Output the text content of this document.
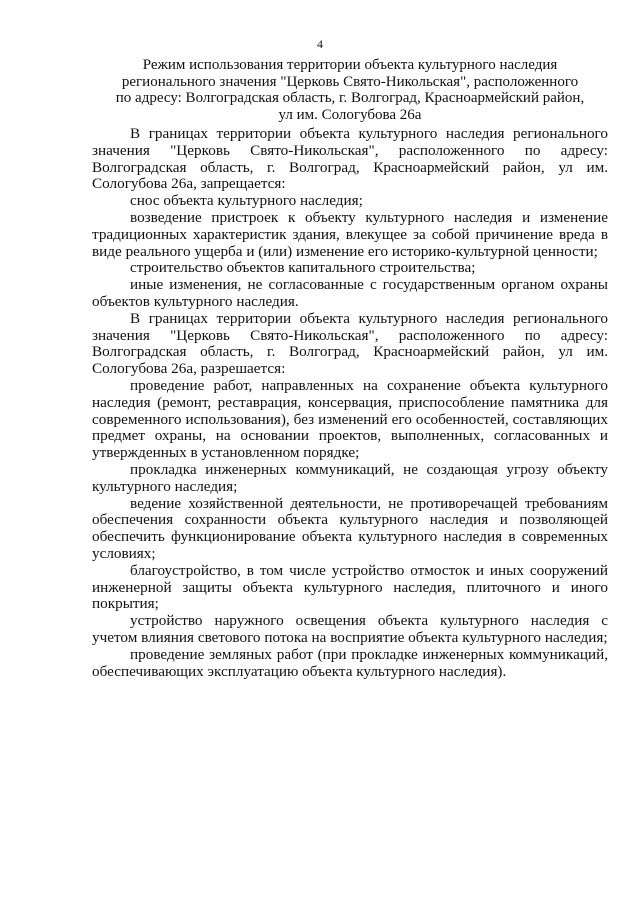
4
Режим использования территории объекта культурного наследия
регионального значения "Церковь Свято-Никольская", расположенного
по адресу: Волгоградская область, г. Волгоград, Красноармейский район,
ул им. Сологубова 26а

В границах территории объекта культурного наследия регионального значения "Церковь Свято-Никольская", расположенного по адресу: Волгоградская область, г. Волгоград, Красноармейский район, ул им. Сологубова 26а, запрещается:

снос объекта культурного наследия;

возведение пристроек к объекту культурного наследия и изменение традиционных характеристик здания, влекущее за собой причинение вреда в виде реального ущерба и (или) изменение его историко-культурной ценности;

строительство объектов капитального строительства;

иные изменения, не согласованные с государственным органом охраны объектов культурного наследия.

В границах территории объекта культурного наследия регионального значения "Церковь Свято-Никольская", расположенного по адресу: Волгоградская область, г. Волгоград, Красноармейский район, ул им. Сологубова 26а, разрешается:

проведение работ, направленных на сохранение объекта культурного наследия (ремонт, реставрация, консервация, приспособление памятника для современного использования), без изменений его особенностей, составляющих предмет охраны, на основании проектов, выполненных, согласованных и утвержденных в установленном порядке;

прокладка инженерных коммуникаций, не создающая угрозу объекту культурного наследия;

ведение хозяйственной деятельности, не противоречащей требованиям обеспечения сохранности объекта культурного наследия и позволяющей обеспечить функционирование объекта культурного наследия в современных условиях;

благоустройство, в том числе устройство отмосток и иных сооружений инженерной защиты объекта культурного наследия, плиточного и иного покрытия;

устройство наружного освещения объекта культурного наследия с учетом влияния светового потока на восприятие объекта культурного наследия;

проведение земляных работ (при прокладке инженерных коммуникаций, обеспечивающих эксплуатацию объекта культурного наследия).
